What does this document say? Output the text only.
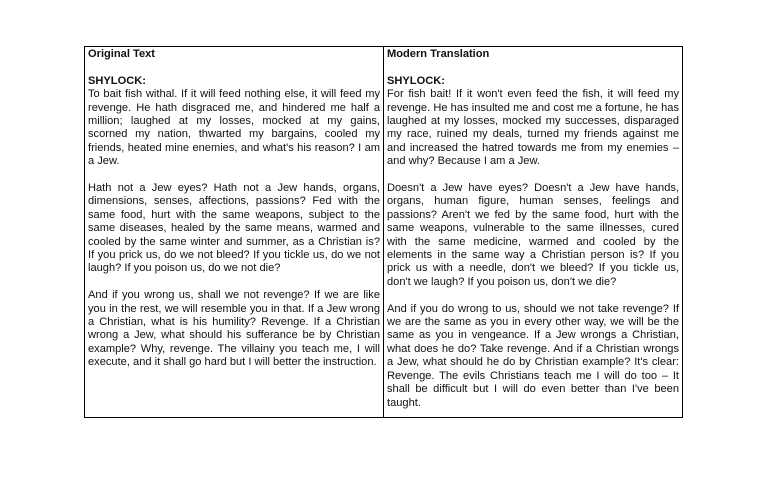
Original Text

SHYLOCK:

To bait fish withal. If it will feed nothing else, it will feed my revenge. He hath disgraced me, and hindered me half a million; laughed at my losses, mocked at my gains, scorned my nation, thwarted my bargains, cooled my friends, heated mine enemies, and what's his reason? I am a Jew.

Hath not a Jew eyes? Hath not a Jew hands, organs, dimensions, senses, affections, passions? Fed with the same food, hurt with the same weapons, subject to the same diseases, healed by the same means, warmed and cooled by the same winter and summer, as a Christian is? If you prick us, do we not bleed? If you tickle us, do we not laugh? If you poison us, do we not die?

And if you wrong us, shall we not revenge? If we are like you in the rest, we will resemble you in that. If a Jew wrong a Christian, what is his humility? Revenge. If a Christian wrong a Jew, what should his sufferance be by Christian example? Why, revenge. The villainy you teach me, I will execute, and it shall go hard but I will better the instruction.

Modern Translation

SHYLOCK:

For fish bait! If it won't even feed the fish, it will feed my revenge. He has insulted me and cost me a fortune, he has laughed at my losses, mocked my successes, disparaged my race, ruined my deals, turned my friends against me and increased the hatred towards me from my enemies – and why? Because I am a Jew.

Doesn't a Jew have eyes? Doesn't a Jew have hands, organs, human figure, human senses, feelings and passions? Aren't we fed by the same food, hurt with the same weapons, vulnerable to the same illnesses, cured with the same medicine, warmed and cooled by the elements in the same way a Christian person is? If you prick us with a needle, don't we bleed? If you tickle us, don't we laugh? If you poison us, don't we die?

And if you do wrong to us, should we not take revenge? If we are the same as you in every other way, we will be the same as you in vengeance. If a Jew wrongs a Christian, what does he do? Take revenge. And if a Christian wrongs a Jew, what should he do by Christian example? It's clear: Revenge. The evils Christians teach me I will do too – It shall be difficult but I will do even better than I've been taught.
